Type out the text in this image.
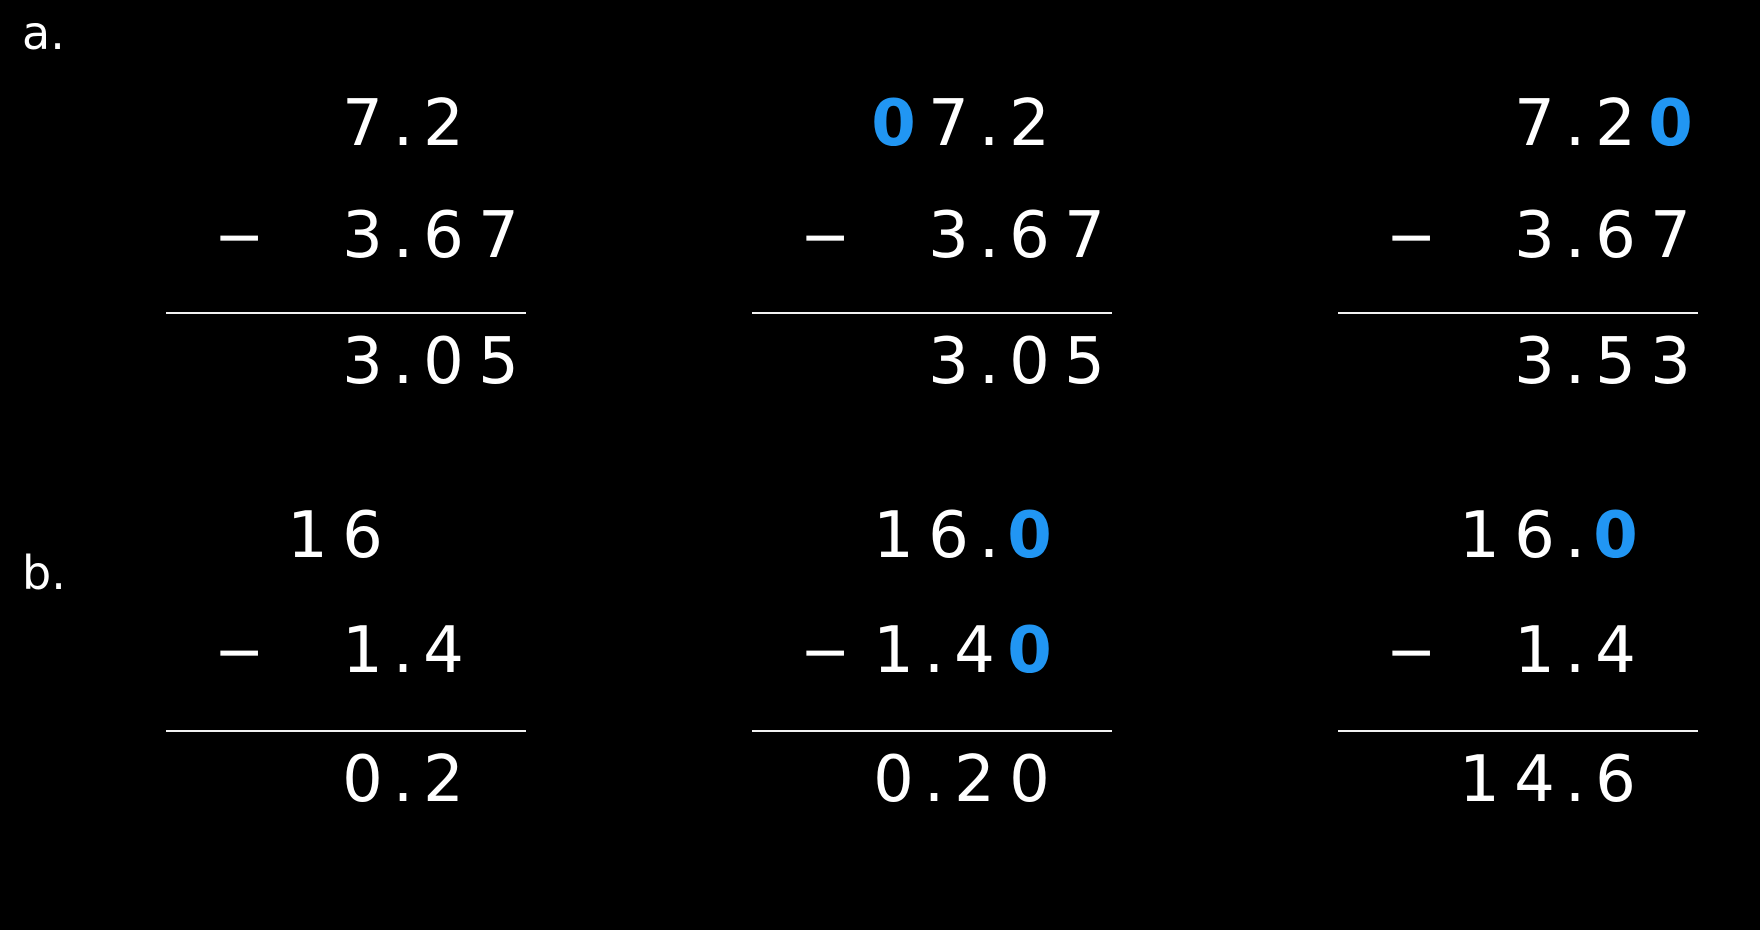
a.
7 . 2
− 3 . 6 7
3 . 0 5
0 7 . 2
− 3 . 6 7
3 . 0 5
7 . 2 0
− 3 . 6 7
3 . 5 3
b.	1 6
− 1 . 4
0 . 2
1 6 . 0
− 1 . 4 0
0 . 2 0
1 6 . 0
− 1 . 4
1 4 . 6
